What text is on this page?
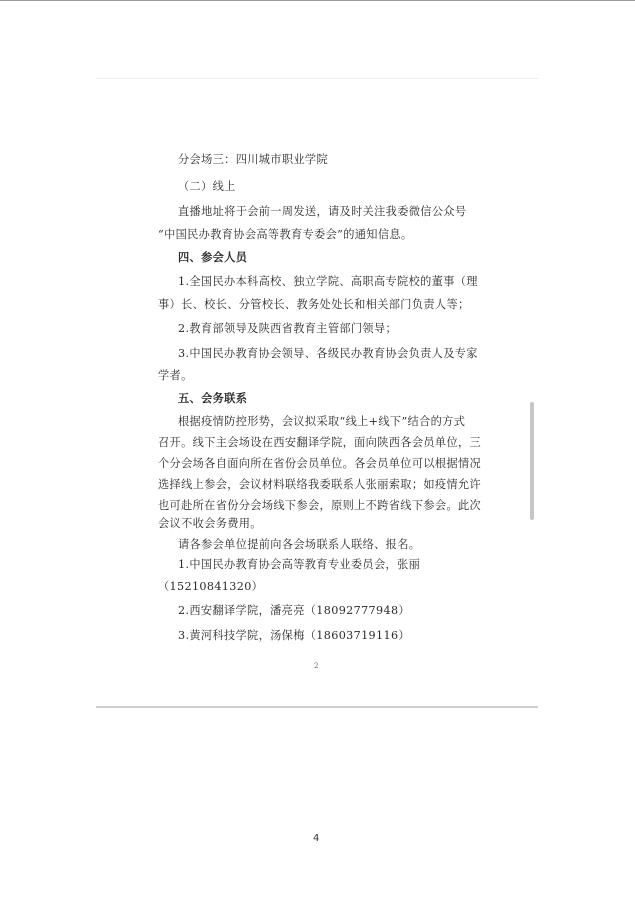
分会场三：四川城市职业学院
（二）线上
直播地址将于会前一周发送，请及时关注我委微信公众号
“中国民办教育协会高等教育专委会”的通知信息。
四、参会人员
1.全国民办本科高校、独立学院、高职高专院校的董事（理
事）长、校长、分管校长、教务处处长和相关部门负责人等；
2.教育部领导及陕西省教育主管部门领导；
3.中国民办教育协会领导、各级民办教育协会负责人及专家
学者。
五、会务联系
根据疫情防控形势，会议拟采取“线上+线下”结合的方式
召开。线下主会场设在西安翻译学院，面向陕西各会员单位，三
个分会场各自面向所在省份会员单位。各会员单位可以根据情况
选择线上参会，会议材料联络我委联系人张丽索取；如疫情允许
也可赴所在省份分会场线下参会，原则上不跨省线下参会。此次
会议不收会务费用。
请各参会单位提前向各会场联系人联络、报名。
1.中国民办教育协会高等教育专业委员会，张丽
（15210841320）
2.西安翻译学院，潘亮亮（18092777948）
3.黄河科技学院，汤保梅（18603719116）
2
4
